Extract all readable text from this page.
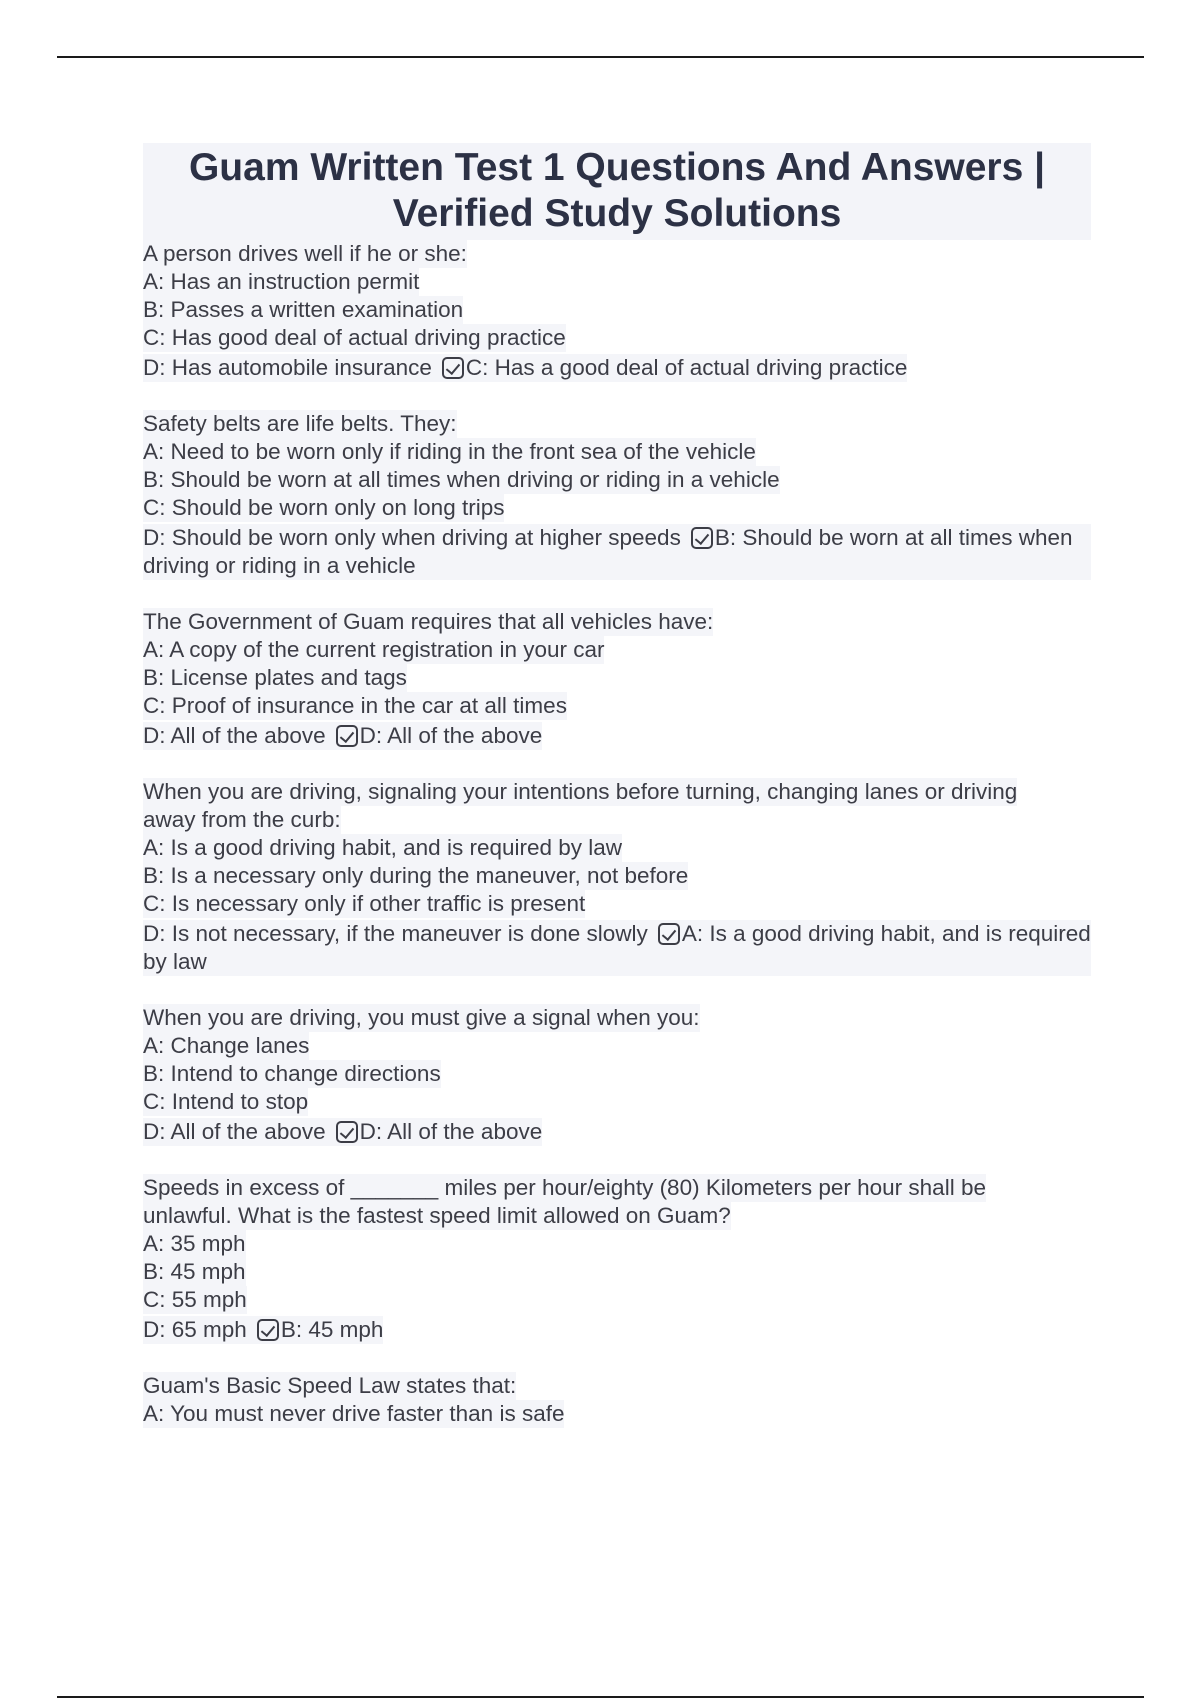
Guam Written Test 1 Questions And Answers |
Verified Study Solutions
A person drives well if he or she:
A: Has an instruction permit
B: Passes a written examination
C: Has good deal of actual driving practice
D: Has automobile insurance C: Has a good deal of actual driving practice
Safety belts are life belts. They:
A: Need to be worn only if riding in the front sea of the vehicle
B: Should be worn at all times when driving or riding in a vehicle
C: Should be worn only on long trips
D: Should be worn only when driving at higher speeds B: Should be worn at all times when driving or riding in a vehicle
The Government of Guam requires that all vehicles have:
A: A copy of the current registration in your car
B: License plates and tags
C: Proof of insurance in the car at all times
D: All of the above D: All of the above
When you are driving, signaling your intentions before turning, changing lanes or driving
away from the curb:
A: Is a good driving habit, and is required by law
B: Is a necessary only during the maneuver, not before
C: Is necessary only if other traffic is present
D: Is not necessary, if the maneuver is done slowly A: Is a good driving habit, and is required by law
When you are driving, you must give a signal when you:
A: Change lanes
B: Intend to change directions
C: Intend to stop
D: All of the above D: All of the above
Speeds in excess of _______ miles per hour/eighty (80) Kilometers per hour shall be
unlawful. What is the fastest speed limit allowed on Guam?
A: 35 mph
B: 45 mph
C: 55 mph
D: 65 mph B: 45 mph
Guam's Basic Speed Law states that:
A: You must never drive faster than is safe
